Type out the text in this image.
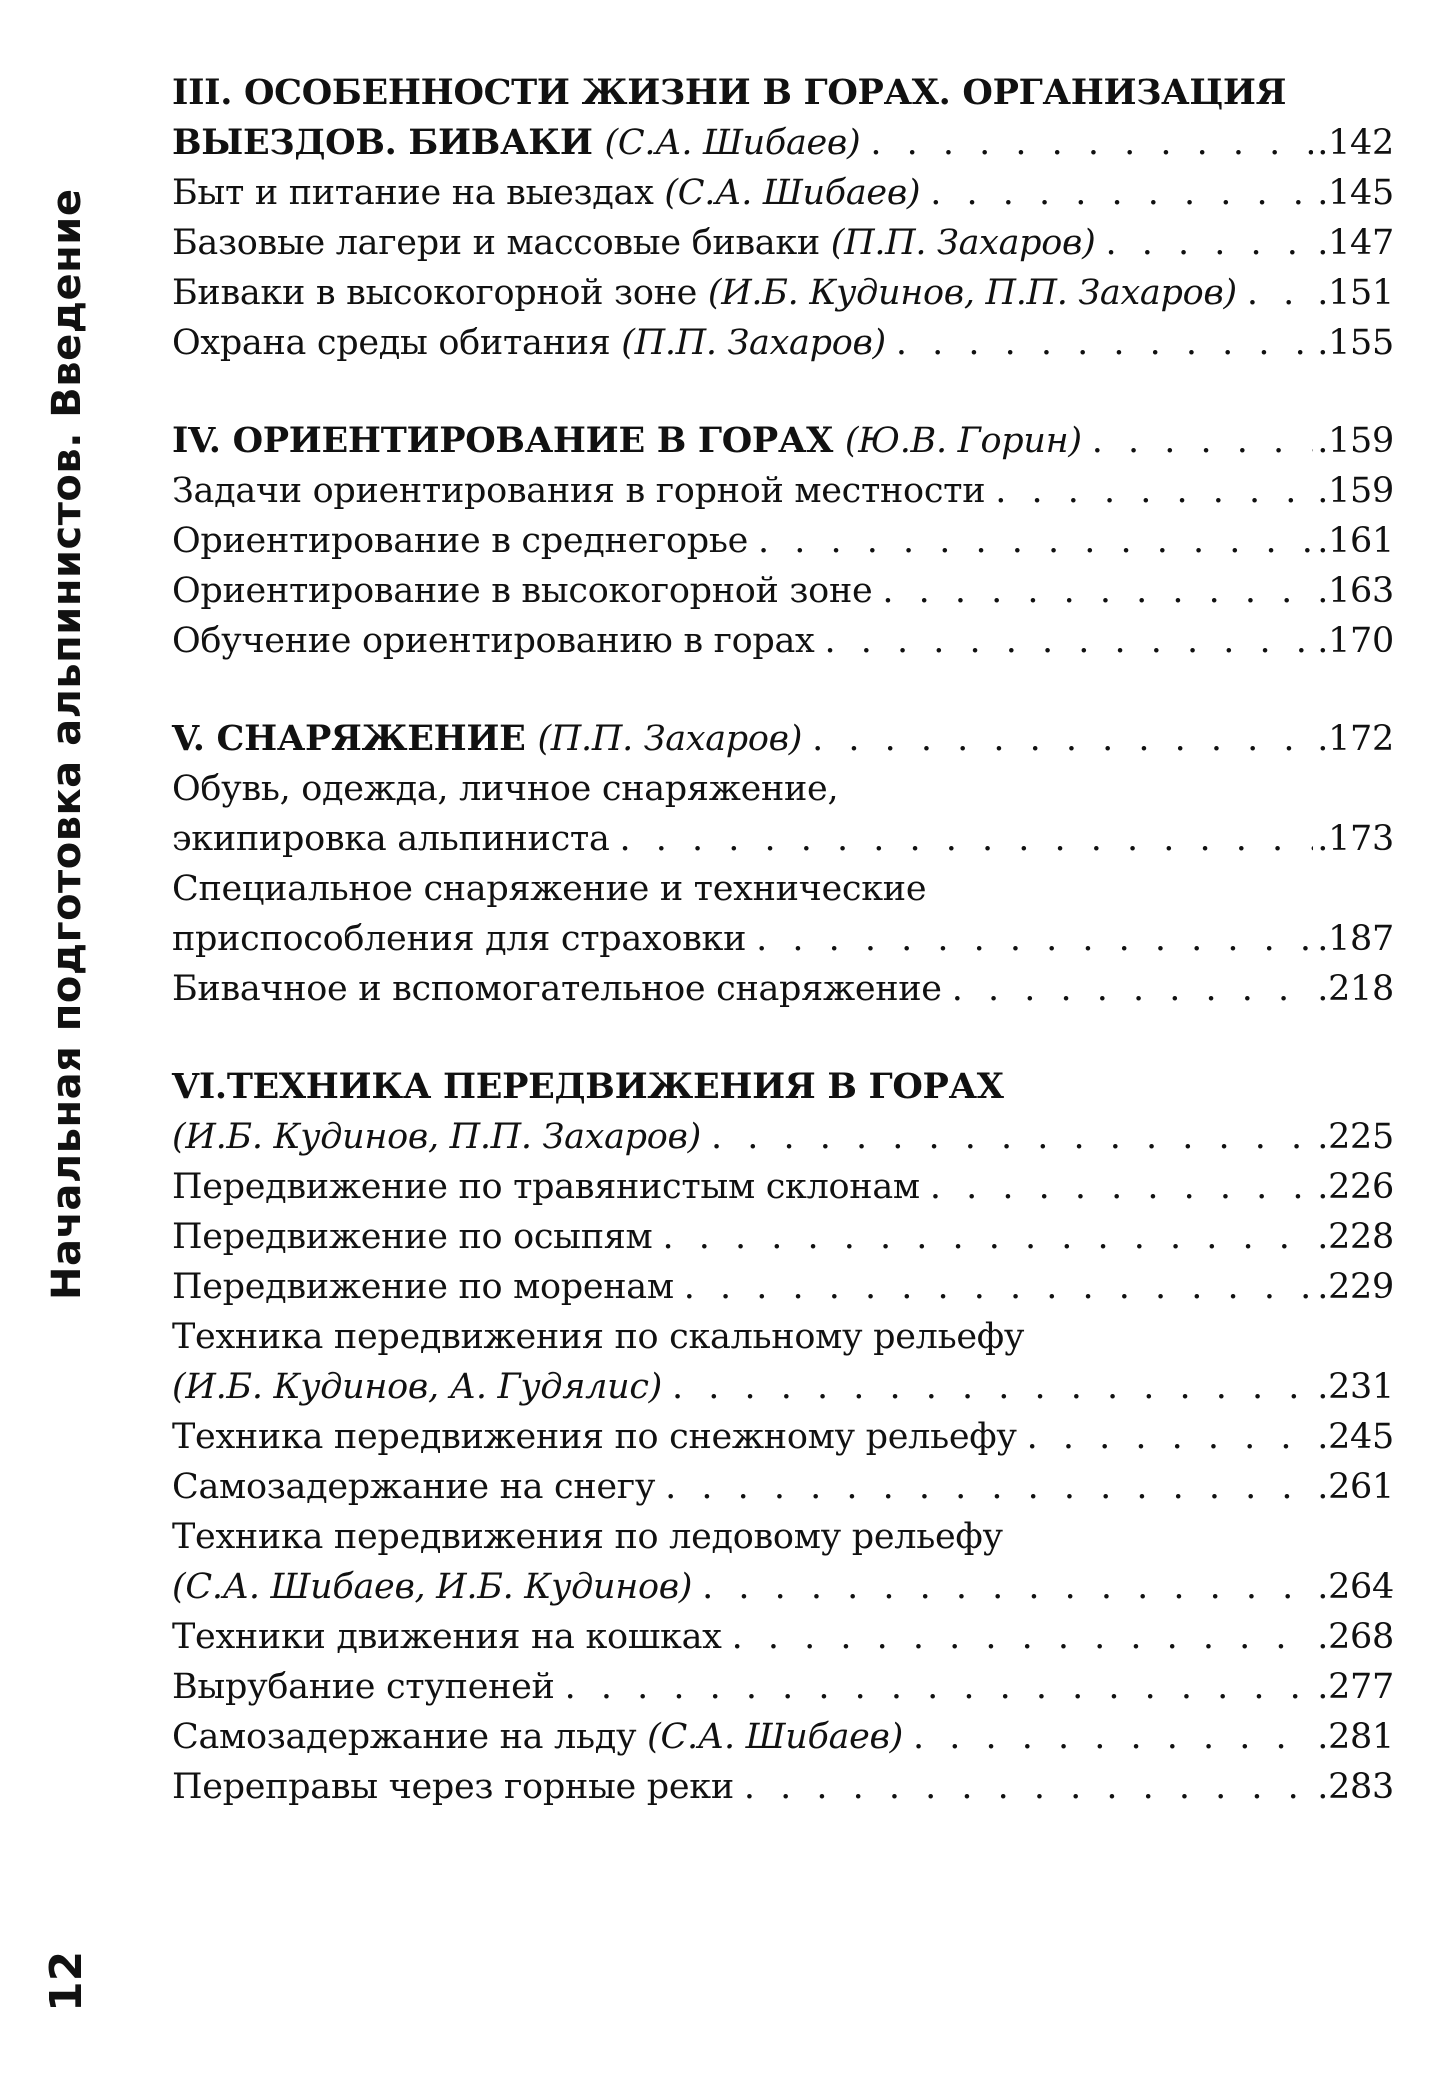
Начальная подготовка альпинистов. Введение
12
III. ОСОБЕННОСТИ ЖИЗНИ В ГОРАХ. ОРГАНИЗАЦИЯ
ВЫЕЗДОВ. БИВАКИ (С.А. Шибаев) . . .	.142
Быт и питание на выездах (С.А. Шибаев) . . .	.145
Базовые лагери и массовые биваки (П.П. Захаров) . . .	.147
Биваки в высокогорной зоне (И.Б. Кудинов, П.П. Захаров) . . . .151
Охрана среды обитания (П.П. Захаров) . . .	.155
IV. ОРИЕНТИРОВАНИЕ В ГОРАХ (Ю.В. Горин) . . .	.159
Задачи ориентирования в горной местности . . .	.159
Ориентирование в среднегорье . . .	.161
Ориентирование в высокогорной зоне . . .	.163
Обучение ориентированию в горах . . .	.170
V. СНАРЯЖЕНИЕ (П.П. Захаров) . . .	.172
Обувь, одежда, личное снаряжение,
экипировка альпиниста . . .	.173
Специальное снаряжение и технические
приспособления для страховки . . .	.187
Бивачное и вспомогательное снаряжение . . .	.218
VI.ТЕХНИКА ПЕРЕДВИЖЕНИЯ В ГОРАХ
(И.Б. Кудинов, П.П. Захаров) . . .	.225
Передвижение по травянистым склонам . . .	.226
Передвижение по осыпям . . .	.228
Передвижение по моренам . . .	.229
Техника передвижения по скальному рельефу
(И.Б. Кудинов, А. Гудялис) . . .	.231
Техника передвижения по снежному рельефу . . .	.245
Самозадержание на снегу . . .	.261
Техника передвижения по ледовому рельефу
(С.А. Шибаев, И.Б. Кудинов) . . .	.264
Техники движения на кошках . . .	.268
Вырубание ступеней . . .	.277
Самозадержание на льду (С.А. Шибаев) . . .	.281
Переправы через горные реки . . .	.283
